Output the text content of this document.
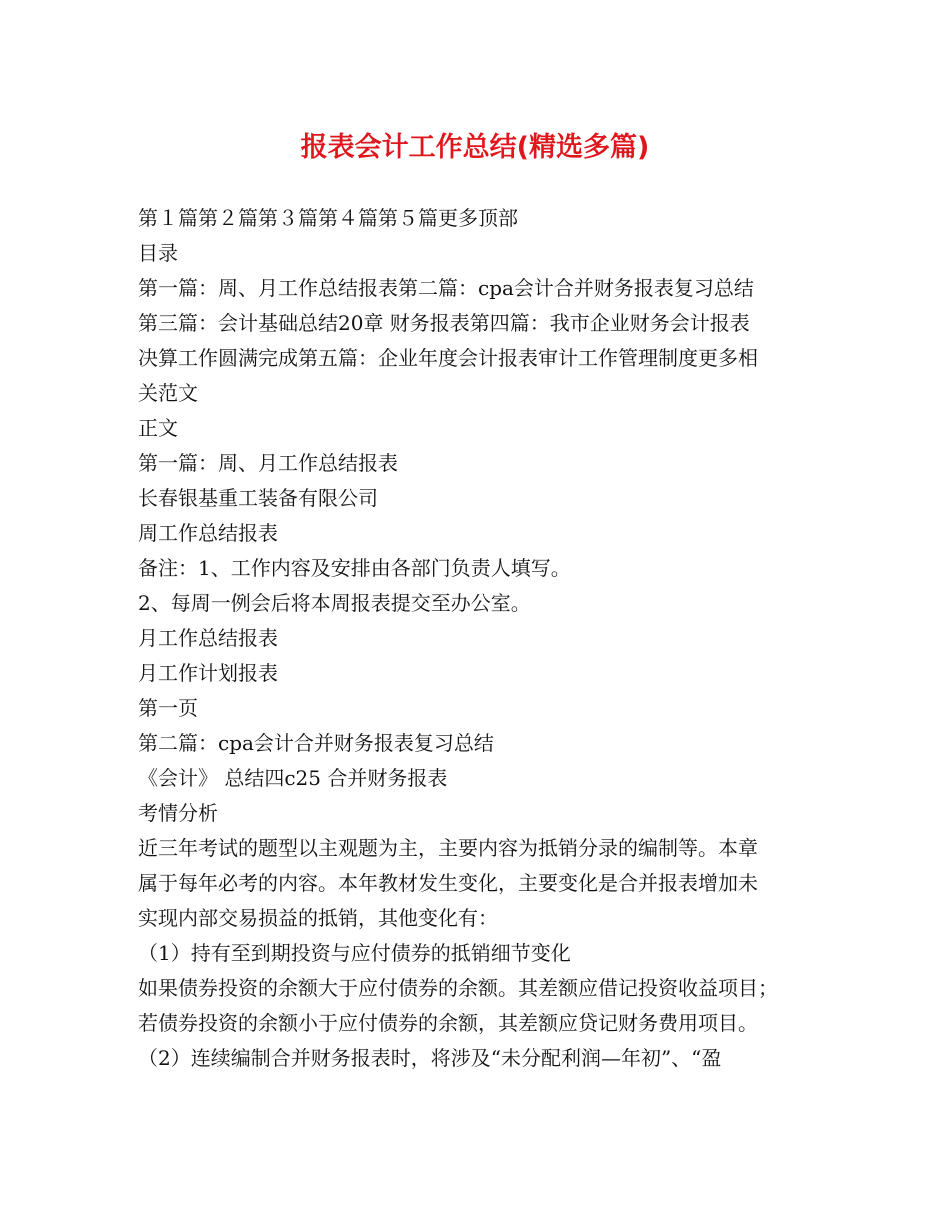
报表会计工作总结(精选多篇)
第１篇第２篇第３篇第４篇第５篇更多顶部
目录
第一篇：周、月工作总结报表第二篇：cpa会计合并财务报表复习总结
第三篇：会计基础总结20章 财务报表第四篇：我市企业财务会计报表
决算工作圆满完成第五篇：企业年度会计报表审计工作管理制度更多相
关范文
正文
第一篇：周、月工作总结报表
长春银基重工装备有限公司
周工作总结报表
备注：1、工作内容及安排由各部门负责人填写。
2、每周一例会后将本周报表提交至办公室。
月工作总结报表
月工作计划报表
第一页
第二篇：cpa会计合并财务报表复习总结
《会计》 总结四c25 合并财务报表
考情分析
近三年考试的题型以主观题为主，主要内容为抵销分录的编制等。本章
属于每年必考的内容。本年教材发生变化，主要变化是合并报表增加未
实现内部交易损益的抵销，其他变化有：
（1）持有至到期投资与应付债券的抵销细节变化
如果债券投资的余额大于应付债券的余额。其差额应借记投资收益项目；
若债券投资的余额小于应付债券的余额，其差额应贷记财务费用项目。
（2）连续编制合并财务报表时，将涉及“未分配利润—年初”、“盈
